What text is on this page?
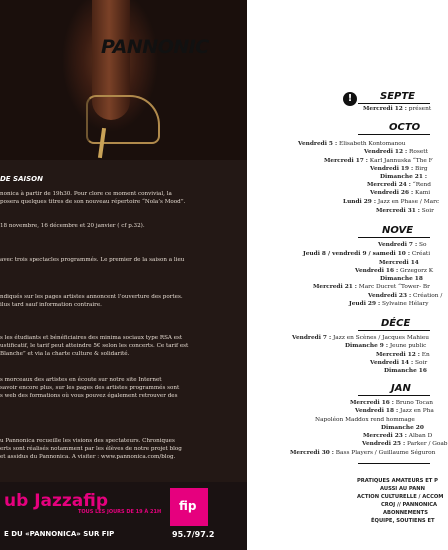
DE SAISON
nonica à partir de 19h30. Pour clore ce moment convivial, la
posera quelques titres de son nouveau répertoire “Nola’s Mood”.
18 novembre, 16 décembre et 20 janvier ( cf p.32).
avec trois spectacles programmés. Le premier de la saison a lieu
ndiqués sur les pages artistes annoncent l’ouverture des portes.
ilus tard sauf information contraire.
s les étudiants et bénéficiaires des minima sociaux type RSA est
ustificatif, le tarif peut atteindre 5€ selon les concerts. Ce tarif est
Blanche” et via la charte culture & solidarité.
s morceaux des artistes en écoute sur notre site Internet
savoir encore plus, sur les pages des artistes programmés sont
s web des formations où vous pouvez également retrouver des
u Pannonica recueille les visions des spectateurs. Chroniques
erts sont réalisés notamment par les élèves de notre projet blog
et assidus du Pannonica. A visiter : www.pannonica.com/blog.
ub Jazzafip
TOUS LES JOURS DE 19 À 21H
E DU «PANNONICA» SUR FIP
fip
95.7/97.2
PANNONIC
!	SEPTE
Mercredi 12 : présent
OCTO
Vendredi 5 : Elisabeth Kontomanou
Vendredi 12 : Rosett
Mercredi 17 : Karl Jannuska “The F
Vendredi 19 : Birg
Dimanche 21 :
Mercredi 24 : “Rend
Vendredi 26 : Kami
Lundi 29 : Jazz en Phase / Marc
Mercredi 31 : Soir
NOVE
Vendredi 7 : So
Jeudi 8 / vendredi 9 / samedi 10 : Créati
Mercredi 14
Vendredi 16 : Grzegorz K
Dimanche 18
Mercredi 21 : Marc Ducret “Tower- Br
Vendredi 23 : Création /
Jeudi 29 : Sylvaine Hélary
DÉCE
Vendredi 7 : Jazz en Scènes / Jacques Mahieu
Dimanche 9 : Jeune public
Mercredi 12 : En
Vendredi 14 : Soir
Dimanche 16
JAN
Mercredi 16 : Bruno Tocan
Vendredi 18 : Jazz en Pha
Napoléon Maddox rend hommage
Dimanche 20
Mercredi 23 : Alban D
Vendredi 25 : Parker / Goab
Mercredi 30 : Bass Players / Guillaume Séguron
PRATIQUES AMATEURS ET P
AUSSI AU PANN
ACTION CULTURELLE / ACCOM
CROJ // PANNONICA
ABONNEMENTS
ÉQUIPE, SOUTIENS ET
